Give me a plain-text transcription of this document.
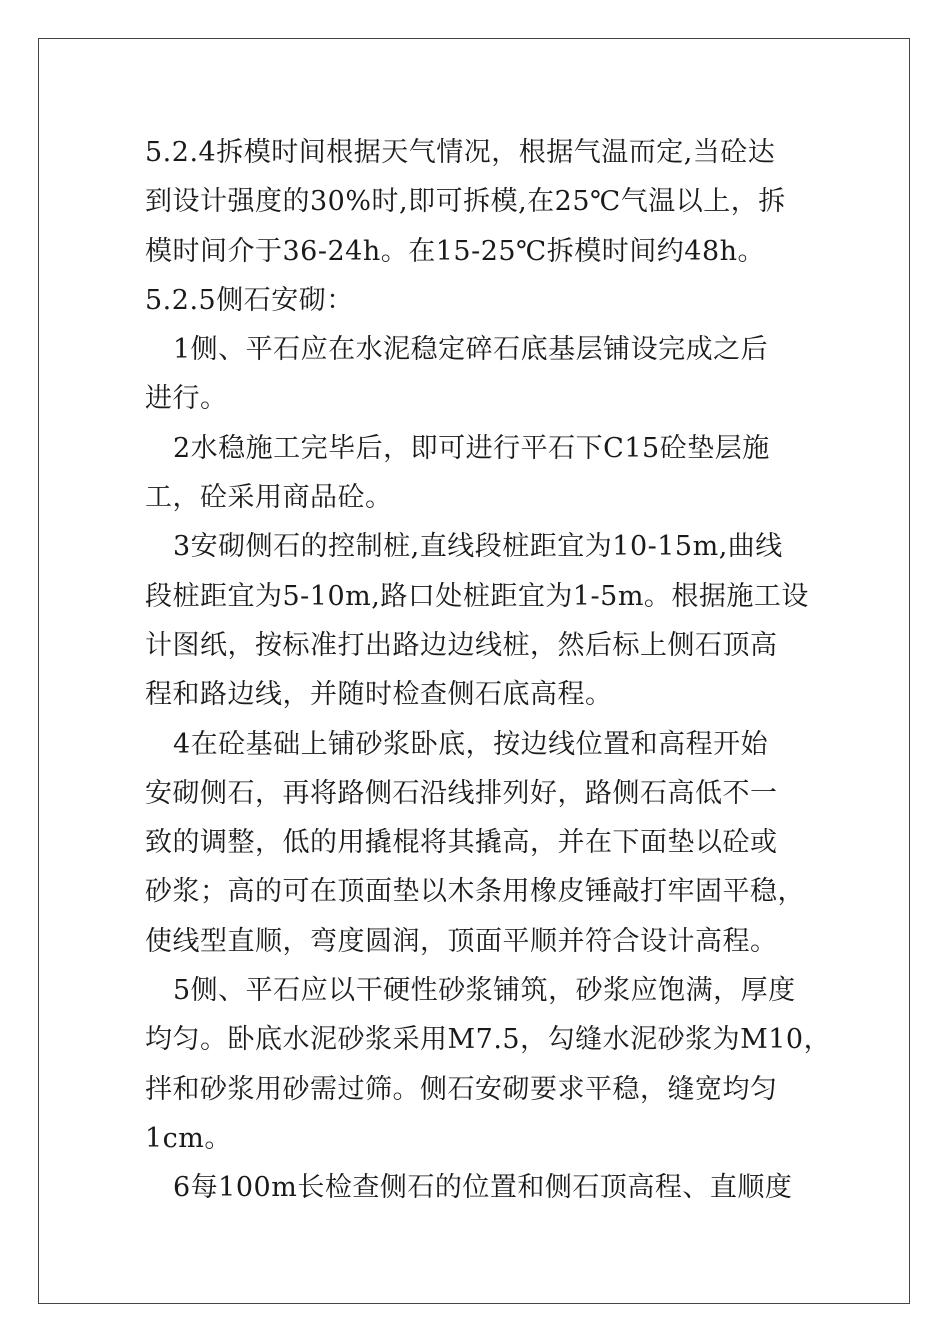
5.2.4拆模时间根据天气情况，根据气温而定,当砼达
到设计强度的30%时,即可拆模,在25℃气温以上，拆
模时间介于36-24h。在15-25℃拆模时间约48h。
5.2.5侧石安砌：
1侧、平石应在水泥稳定碎石底基层铺设完成之后
进行。
2水稳施工完毕后，即可进行平石下C15砼垫层施
工，砼采用商品砼。
3安砌侧石的控制桩,直线段桩距宜为10-15m,曲线
段桩距宜为5-10m,路口处桩距宜为1-5m。根据施工设
计图纸，按标准打出路边边线桩，然后标上侧石顶高
程和路边线，并随时检查侧石底高程。
4在砼基础上铺砂浆卧底，按边线位置和高程开始
安砌侧石，再将路侧石沿线排列好，路侧石高低不一
致的调整，低的用撬棍将其撬高，并在下面垫以砼或
砂浆；高的可在顶面垫以木条用橡皮锤敲打牢固平稳，
使线型直顺，弯度圆润，顶面平顺并符合设计高程。
5侧、平石应以干硬性砂浆铺筑，砂浆应饱满，厚度
均匀。卧底水泥砂浆采用M7.5，勾缝水泥砂浆为M10，
拌和砂浆用砂需过筛。侧石安砌要求平稳，缝宽均匀
1cm。
6每100m长检查侧石的位置和侧石顶高程、直顺度
